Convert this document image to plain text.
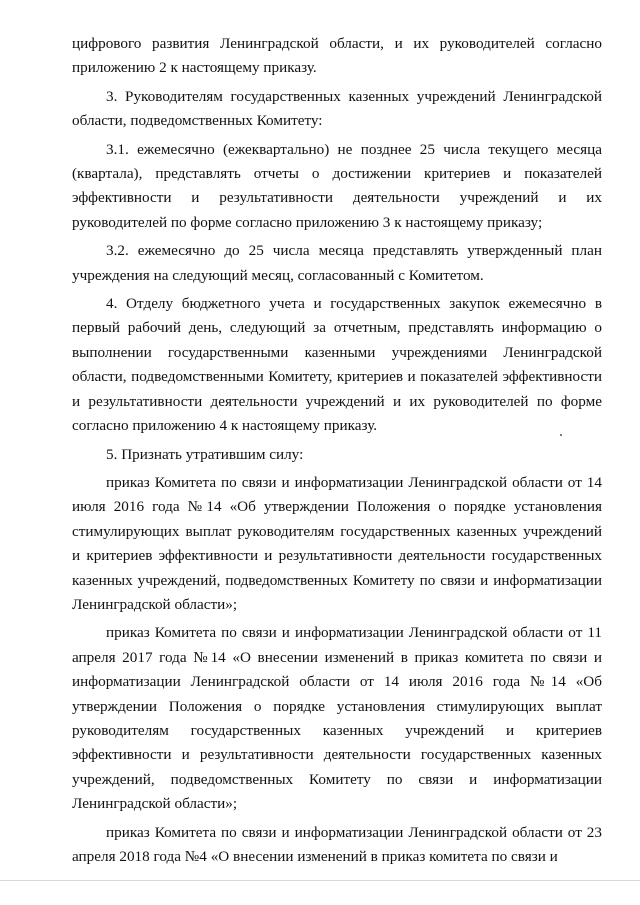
цифрового развития Ленинградской области, и их руководителей согласно приложению 2 к настоящему приказу.

3. Руководителям государственных казенных учреждений Ленинградской области, подведомственных Комитету:

3.1. ежемесячно (ежеквартально) не позднее 25 числа текущего месяца (квартала), представлять отчеты о достижении критериев и показателей эффективности и результативности деятельности учреждений и их руководителей по форме согласно приложению 3 к настоящему приказу;

3.2. ежемесячно до 25 числа месяца представлять утвержденный план учреждения на следующий месяц, согласованный с Комитетом.

4. Отделу бюджетного учета и государственных закупок ежемесячно в первый рабочий день, следующий за отчетным, представлять информацию о выполнении государственными казенными учреждениями Ленинградской области, подведомственными Комитету, критериев и показателей эффективности и результативности деятельности учреждений и их руководителей по форме согласно приложению 4 к настоящему приказу.

5. Признать утратившим силу:

приказ Комитета по связи и информатизации Ленинградской области от 14 июля 2016 года №14 «Об утверждении Положения о порядке установления стимулирующих выплат руководителям государственных казенных учреждений и критериев эффективности и результативности деятельности государственных казенных учреждений, подведомственных Комитету по связи и информатизации Ленинградской области»;

приказ Комитета по связи и информатизации Ленинградской области от 11 апреля 2017 года №14 «О внесении изменений в приказ комитета по связи и информатизации Ленинградской области от 14 июля 2016 года №14 «Об утверждении Положения о порядке установления стимулирующих выплат руководителям государственных казенных учреждений и критериев эффективности и результативности деятельности государственных казенных учреждений, подведомственных Комитету по связи и информатизации Ленинградской области»;

приказ Комитета по связи и информатизации Ленинградской области от 23 апреля 2018 года №4 «О внесении изменений в приказ комитета по связи и
